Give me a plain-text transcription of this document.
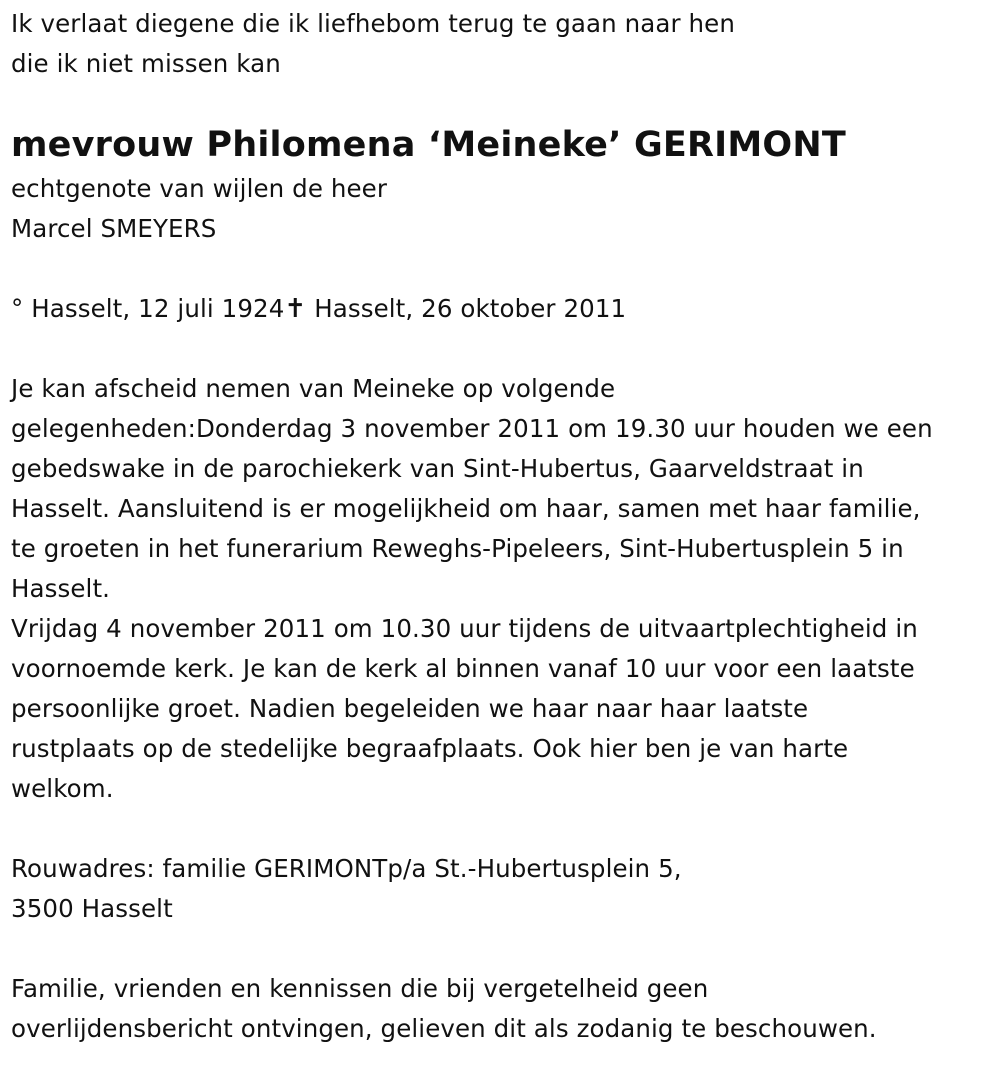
Ik verlaat diegene die ik liefhebom terug te gaan naar hen
die ik niet missen kan
mevrouw Philomena ‘Meineke’ GERIMONT
echtgenote van wijlen de heer
Marcel SMEYERS
° Hasselt, 12 juli 1924✝ Hasselt, 26 oktober 2011
Je kan afscheid nemen van Meineke op volgende
gelegenheden:Donderdag 3 november 2011 om 19.30 uur houden we een
gebedswake in de parochiekerk van Sint-Hubertus, Gaarveldstraat in
Hasselt. Aansluitend is er mogelijkheid om haar, samen met haar familie,
te groeten in het funerarium Reweghs-Pipeleers, Sint-Hubertusplein 5 in
Hasselt.
Vrijdag 4 november 2011 om 10.30 uur tijdens de uitvaartplechtigheid in
voornoemde kerk. Je kan de kerk al binnen vanaf 10 uur voor een laatste
persoonlijke groet. Nadien begeleiden we haar naar haar laatste
rustplaats op de stedelijke begraafplaats. Ook hier ben je van harte
welkom.
Rouwadres: familie GERIMONTp/a St.-Hubertusplein 5,
3500 Hasselt
Familie, vrienden en kennissen die bij vergetelheid geen
overlijdensbericht ontvingen, gelieven dit als zodanig te beschouwen.
